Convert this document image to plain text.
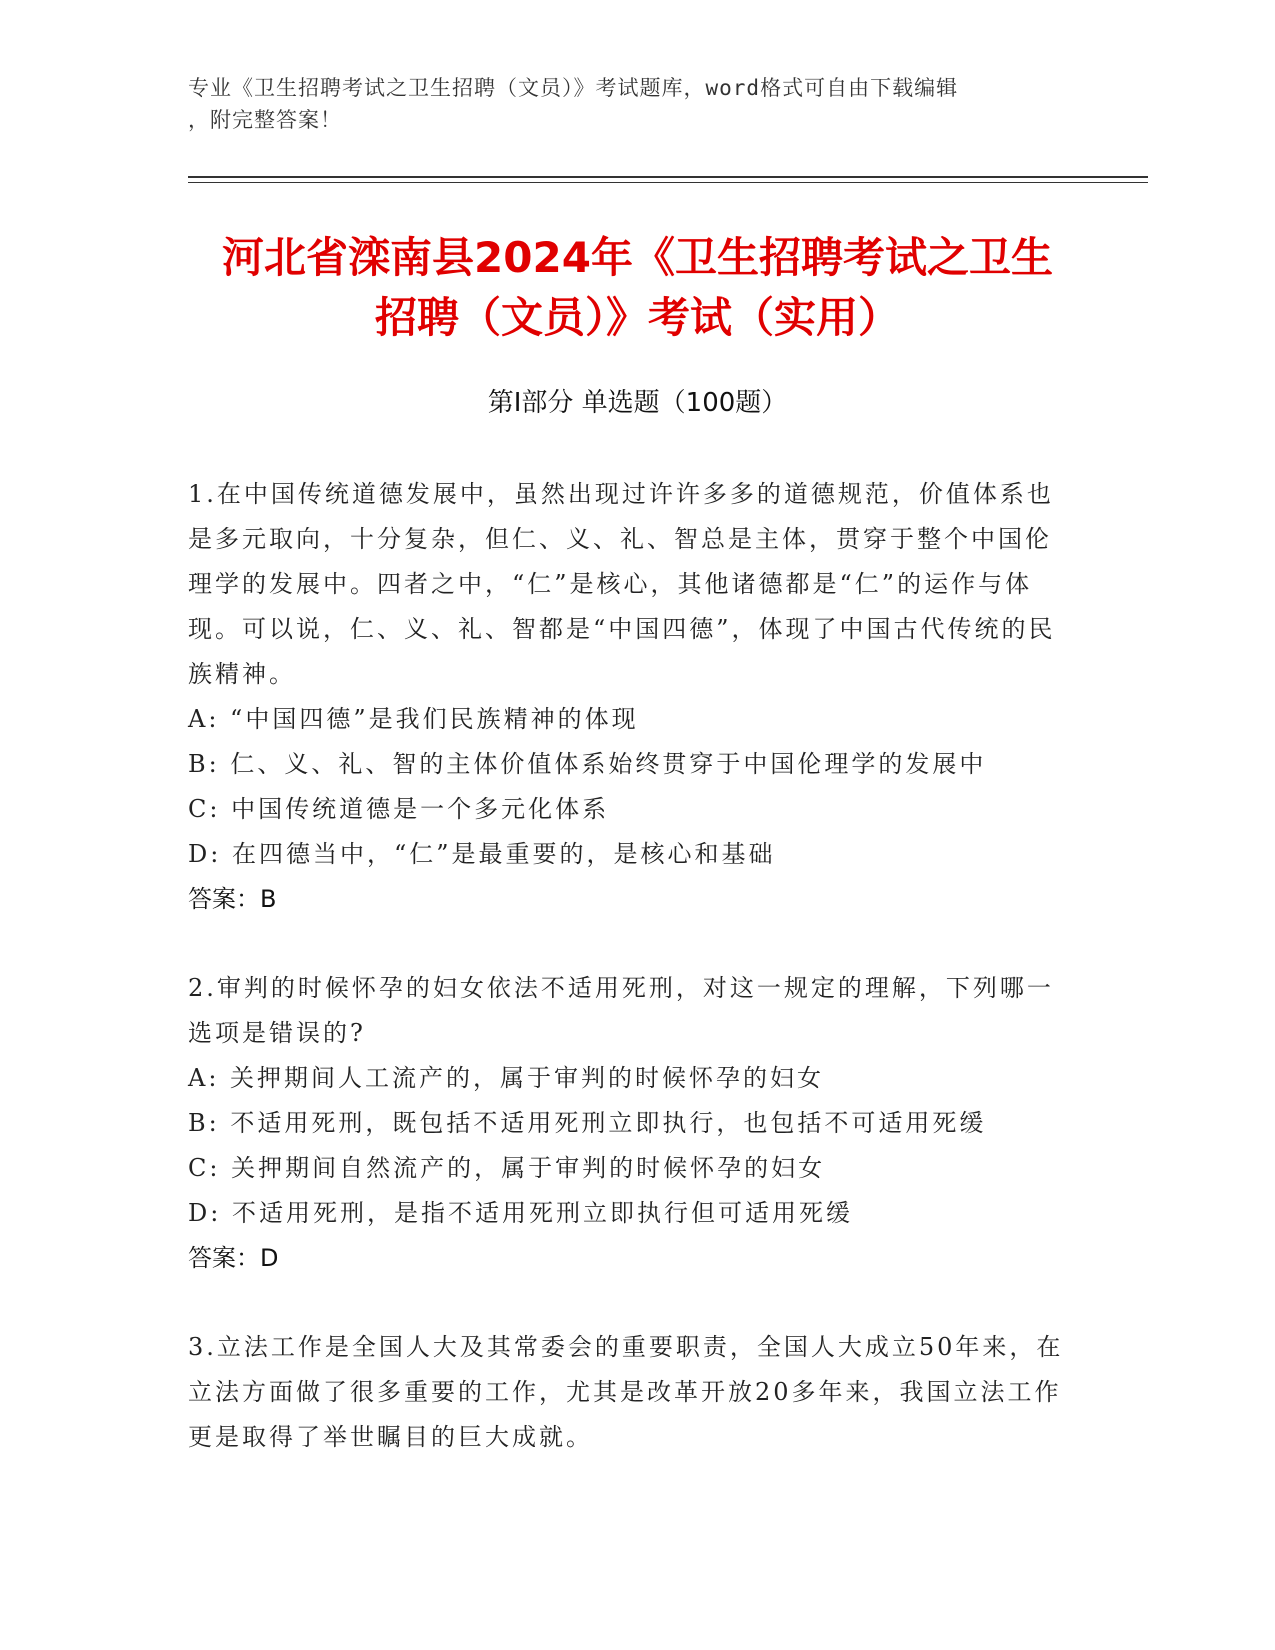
专业《卫生招聘考试之卫生招聘（文员）》考试题库，word格式可自由下载编辑
，附完整答案！
河北省滦南县2024年《卫生招聘考试之卫生
招聘（文员）》考试（实用）
第Ⅰ部分 单选题（100题）
1.在中国传统道德发展中，虽然出现过许许多多的道德规范，价值体系也是多元取向，十分复杂，但仁、义、礼、智总是主体，贯穿于整个中国伦理学的发展中。四者之中，“仁”是核心，其他诸德都是“仁”的运作与体现。可以说，仁、义、礼、智都是“中国四德”，体现了中国古代传统的民族精神。
A: “中国四德”是我们民族精神的体现
B: 仁、义、礼、智的主体价值体系始终贯穿于中国伦理学的发展中
C: 中国传统道德是一个多元化体系
D: 在四德当中，“仁”是最重要的，是核心和基础
答案：B
2.审判的时候怀孕的妇女依法不适用死刑，对这一规定的理解，下列哪一选项是错误的?
A: 关押期间人工流产的，属于审判的时候怀孕的妇女
B: 不适用死刑，既包括不适用死刑立即执行，也包括不可适用死缓
C: 关押期间自然流产的，属于审判的时候怀孕的妇女
D: 不适用死刑，是指不适用死刑立即执行但可适用死缓
答案：D
3.立法工作是全国人大及其常委会的重要职责，全国人大成立50年来，在立法方面做了很多重要的工作，尤其是改革开放20多年来，我国立法工作更是取得了举世瞩目的巨大成就。
